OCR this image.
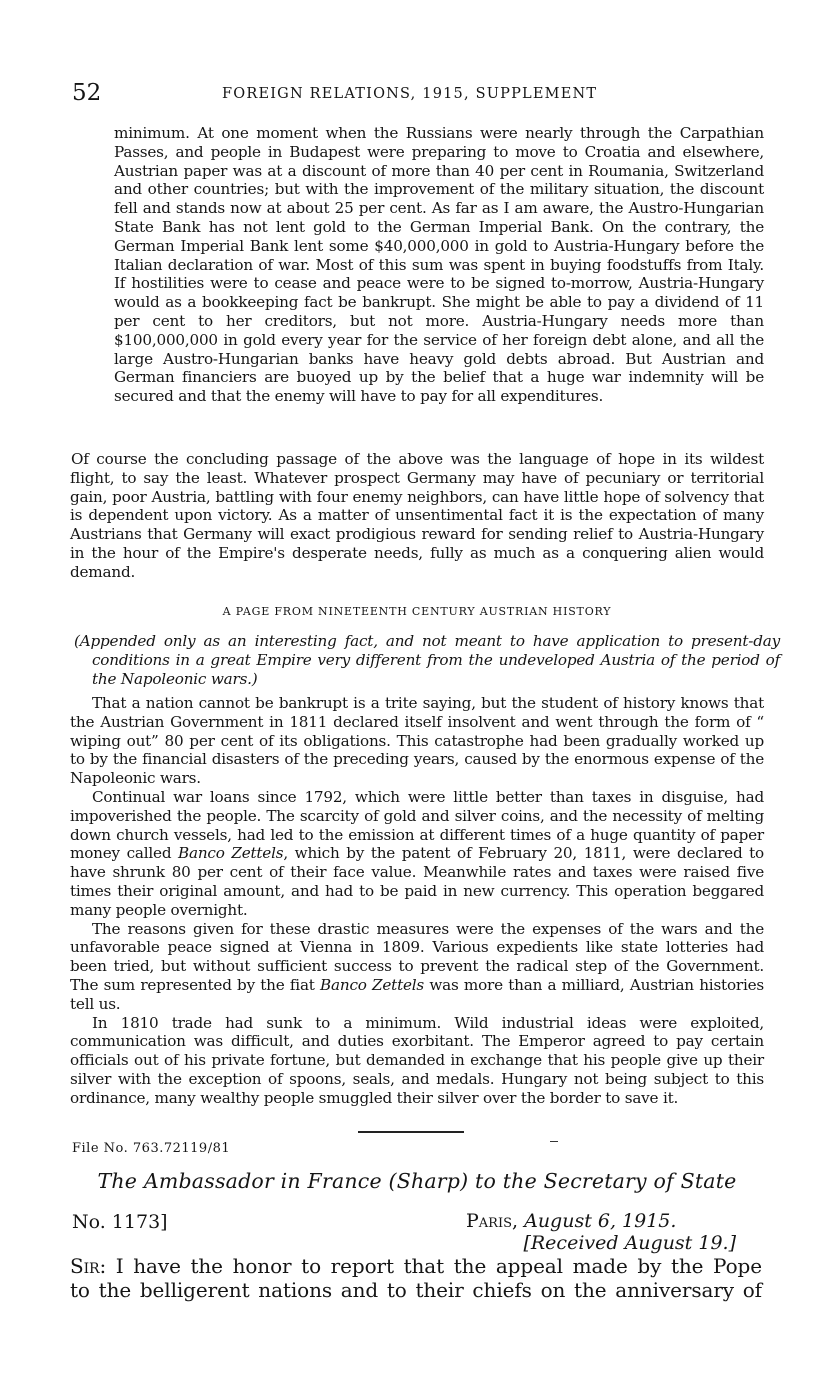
52	FOREIGN RELATIONS, 1915, SUPPLEMENT
minimum. At one moment when the Russians were nearly through the Carpathian Passes, and people in Budapest were preparing to move to Croatia and elsewhere, Austrian paper was at a discount of more than 40 per cent in Roumania, Switzerland and other countries; but with the improvement of the military situation, the discount fell and stands now at about 25 per cent. As far as I am aware, the Austro-Hungarian State Bank has not lent gold to the German Imperial Bank. On the contrary, the German Imperial Bank lent some $40,000,000 in gold to Austria-Hungary before the Italian declaration of war. Most of this sum was spent in buying foodstuffs from Italy. If hostilities were to cease and peace were to be signed to-morrow, Austria-Hungary would as a bookkeeping fact be bankrupt. She might be able to pay a dividend of 11 per cent to her creditors, but not more. Austria-Hungary needs more than $100,000,000 in gold every year for the service of her foreign debt alone, and all the large Austro-Hungarian banks have heavy gold debts abroad. But Austrian and German financiers are buoyed up by the belief that a huge war indemnity will be secured and that the enemy will have to pay for all expenditures.
Of course the concluding passage of the above was the language of hope in its wildest flight, to say the least. Whatever prospect Germany may have of pecuniary or territorial gain, poor Austria, battling with four enemy neighbors, can have little hope of solvency that is dependent upon victory. As a matter of unsentimental fact it is the expectation of many Austrians that Germany will exact prodigious reward for sending relief to Austria-Hungary in the hour of the Empire's desperate needs, fully as much as a conquering alien would demand.
A PAGE FROM NINETEENTH CENTURY AUSTRIAN HISTORY
(Appended only as an interesting fact, and not meant to have application to present-day conditions in a great Empire very different from the undeveloped Austria of the period of the Napoleonic wars.)

That a nation cannot be bankrupt is a trite saying, but the student of history knows that the Austrian Government in 1811 declared itself insolvent and went through the form of “ wiping out” 80 per cent of its obligations. This catastrophe had been gradually worked up to by the financial disasters of the preceding years, caused by the enormous expense of the Napoleonic wars.

Continual war loans since 1792, which were little better than taxes in disguise, had impoverished the people. The scarcity of gold and silver coins, and the necessity of melting down church vessels, had led to the emission at different times of a huge quantity of paper money called Banco Zettels, which by the patent of February 20, 1811, were declared to have shrunk 80 per cent of their face value. Meanwhile rates and taxes were raised five times their original amount, and had to be paid in new currency. This operation beggared many people overnight.

The reasons given for these drastic measures were the expenses of the wars and the unfavorable peace signed at Vienna in 1809. Various expedients like state lotteries had been tried, but without sufficient success to prevent the radical step of the Government. The sum represented by the fiat Banco Zettels was more than a milliard, Austrian histories tell us.

In 1810 trade had sunk to a minimum. Wild industrial ideas were exploited, communication was difficult, and duties exorbitant. The Emperor agreed to pay certain officials out of his private fortune, but demanded in exchange that his people give up their silver with the exception of spoons, seals, and medals. Hungary not being subject to this ordinance, many wealthy people smuggled their silver over the border to save it.

File No. 763.72119/81
The Ambassador in France (Sharp) to the Secretary of State
No. 1173]	Paris, August 6, 1915.
[Received August 19.]
Sir: I have the honor to report that the appeal made by the Pope
to the belligerent nations and to their chiefs on the anniversary of
